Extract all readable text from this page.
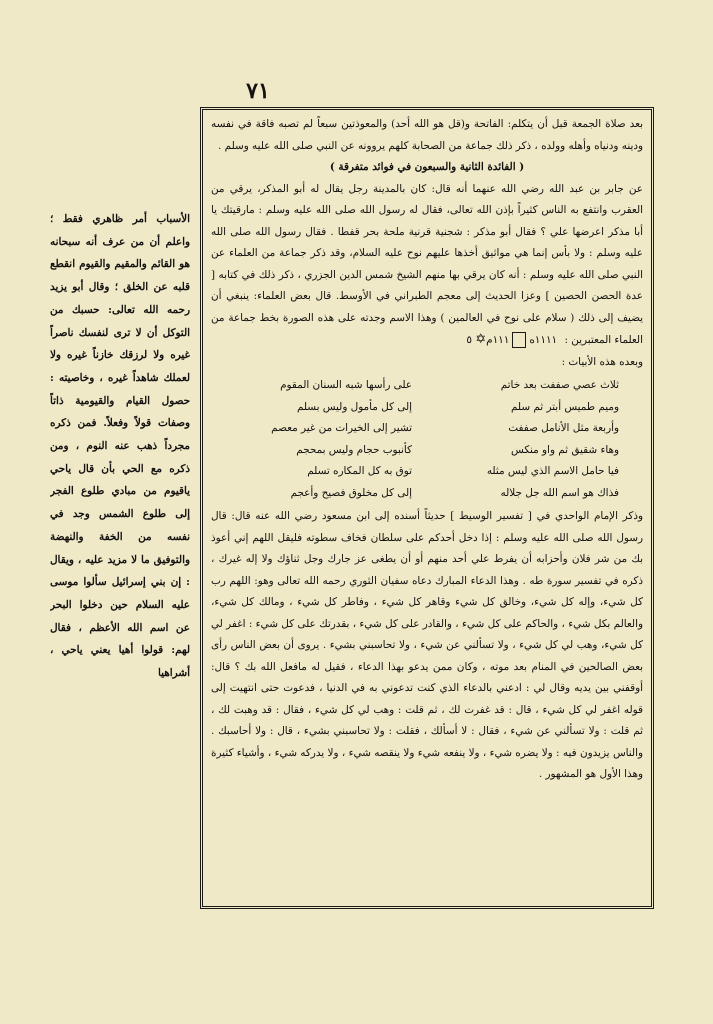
٧١

بعد صلاة الجمعة قبل أن يتكلم: الفاتحة و(قل هو الله أحد) والمعوذتين سبعاً لم تصبه فاقة في نفسه ودينه ودنياه وأهله وولده ، ذكر ذلك جماعة من الصحابة كلهم يروونه عن النبي صلى الله عليه وسلم .

( الفائدة الثانية والسبعون في فوائد متفرقة )

عن جابر بن عبد الله رضي الله عنهما أنه قال: كان بالمدينة رجل يقال له أبو المذكر، يرقي من العقرب وانتفع به الناس كثيراً بإذن الله تعالى، فقال له رسول الله صلى الله عليه وسلم : مارقيتك يا أبا مذكر اعرضها علي ؟ فقال أبو مذكر : شجنية قرنية ملحة بحر قفطا . فقال رسول الله صلى الله عليه وسلم : ولا بأس إنما هي مواثيق أخذها عليهم نوح عليه السلام، وقد ذكر جماعة من العلماء عن النبي صلى الله عليه وسلم : أنه كان يرقي بها منهم الشيخ شمس الدين الجزري ، ذكر ذلك في كتابه [ عدة الحصن الحصين ] وعزا الحديث إلى معجم الطبراني في الأوسط. قال بعض العلماء: ينبغي أن يضيف إلى ذلك ( سلام على نوح في العالمين ) وهذا الاسم وجدته على هذه الصورة بخط جماعة من العلماء المعتبرين : ١١١١ه١١١م✡ ٥

وبعده هذه الأبيات :

ثلاث عصي صففت بعد خاتم
على رأسها شبه السنان المقوم
وميم طميس أبتر ثم سلم
إلى كل مأمول وليس بسلم
وأربعة مثل الأنامل صففت
تشير إلى الخيرات من غير معصم
وهاء شقيق ثم واو منكس
كأنبوب حجام وليس بمحجم
فيا حامل الاسم الذي ليس مثله
توق به كل المكاره تسلم
فذاك هو اسم الله جل جلاله
إلى كل مخلوق فصيح وأعجم

وذكر الإمام الواحدي في [ تفسير الوسيط ] حديثاً أسنده إلى ابن مسعود رضي الله عنه قال: قال رسول الله صلى الله عليه وسلم : إذا دخل أحدكم على سلطان فخاف سطوته فليقل اللهم إني أعوذ بك من شر فلان وأحزابه أن يفرط علي أحد منهم أو أن يطغى عز جارك وجل ثناؤك ولا إله غيرك ، ذكره في تفسير سورة طه . وهذا الدعاء المبارك دعاه سفيان الثوري رحمه الله تعالى وهو: اللهم رب كل شيء، وإله كل شيء، وخالق كل شيء وقاهر كل شيء ، وفاطر كل شيء ، ومالك كل شيء، والعالم بكل شيء ، والحاكم على كل شيء ، والقادر على كل شيء ، بقدرتك على كل شيء : اغفر لي كل شيء، وهب لي كل شيء ، ولا تسألني عن شيء ، ولا تحاسبني بشيء . يروى أن بعض الناس رأى بعض الصالحين في المنام بعد موته ، وكان ممن يدعو بهذا الدعاء ، فقيل له مافعل الله بك ؟ قال: أوقفني بين يديه وقال لي : ادعني بالدعاء الذي كنت تدعوني به في الدنيا ، فدعوت حتى انتهيت إلى قوله اغفر لي كل شيء ، قال : قد غفرت لك ، ثم قلت : وهب لي كل شيء ، فقال : قد وهبت لك ، ثم قلت : ولا تسألني عن شيء ، فقال : لا أسألك ، فقلت : ولا تحاسبني بشيء ، قال : ولا أحاسبك . والناس يزيدون فيه : ولا يضره شيء ، ولا ينفعه شيء ولا ينقصه شيء ، ولا يدركه شيء ، وأشياء كثيرة وهذا الأول هو المشهور .

الأسباب أمر ظاهري فقط ؛ واعلم أن من عرف أنه سبحانه هو القائم والمقيم والقيوم انقطع قلبه عن الخلق ؛ وقال أبو يزيد رحمه الله تعالى: حسبك من التوكل أن لا ترى لنفسك ناصراً غيره ولا لرزقك خازناً غيره ولا لعملك شاهداً غيره ، وخاصيته : حصول القيام والقيومية ذاتاً وصفات قولاً وفعلاً. فمن ذكره مجرداً ذهب عنه النوم ، ومن ذكره مع الحي بأن قال ياحي ياقيوم من مبادي طلوع الفجر إلى طلوع الشمس وجد في نفسه من الخفة والنهضة والتوفيق ما لا مزيد عليه ، ويقال : إن بني إسرائيل سألوا موسى عليه السلام حين دخلوا البحر عن اسم الله الأعظم ، فقال لهم: قولوا أهيا يعني ياحي ، أشراهيا
